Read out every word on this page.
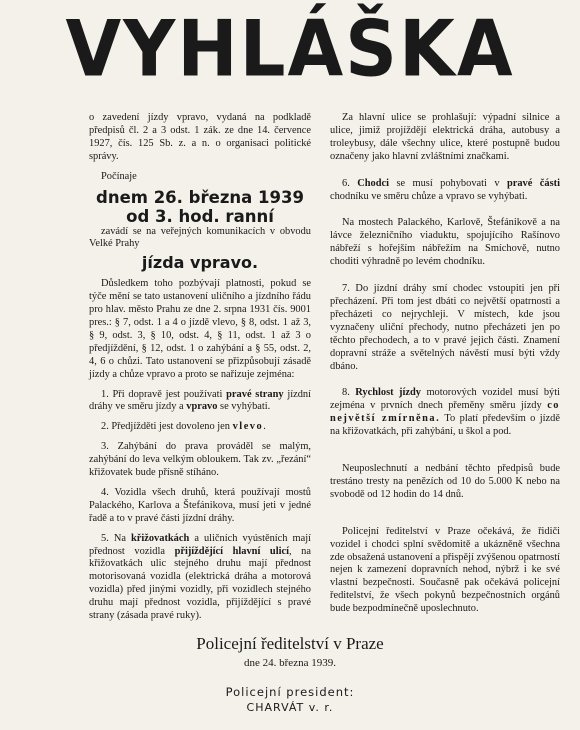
VYHLÁŠKA

o zavedení jízdy vpravo, vydaná na podkladě předpisů čl. 2 a 3 odst. 1 zák. ze dne 14. července 1927, čís. 125 Sb. z. a n. o organisaci politické správy.

Počínaje

dnem 26. března 1939

od 3. hod. ranní

zavádí se na veřejných komunikacích v obvodu Velké Prahy

jízda vpravo.

Důsledkem toho pozbývají platnosti, pokud se týče mění se tato ustanovení uličního a jízdního řádu pro hlav. město Prahu ze dne 2. srpna 1931 čís. 9001 pres.: § 7, odst. 1 a 4 o jízdě vlevo, § 8, odst. 1 až 3, § 9, odst. 3, § 10, odst. 4, § 11, odst. 1 až 3 o předjíždění, § 12, odst. 1 o zahýbání a § 55, odst. 2, 4, 6 o chůzi. Tato ustanovení se přizpůsobují zásadě jízdy a chůze vpravo a proto se nařizuje zejména:

1. Při dopravě jest používati pravé strany jízdní dráhy ve směru jízdy a vpravo se vyhýbati.

2. Předjížděti jest dovoleno jen vlevo.

3. Zahýbání do prava prováděl se malým, zahýbání do leva velkým obloukem. Tak zv. „řezání“ křižovatek bude přísně stíháno.

4. Vozidla všech druhů, která používají mostů Palackého, Karlova a Štefánikova, musí jeti v jedné řadě a to v pravé části jízdní dráhy.

5. Na křižovatkách a uličních vyústěních mají přednost vozidla přijíždějící hlavní ulicí, na křižovatkách ulic stejného druhu mají přednost motorisovaná vozidla (elektrická dráha a motorová vozidla) před jinými vozidly, při vozidlech stejného druhu mají přednost vozidla, přijíždějící s pravé strany (zásada pravé ruky).

Za hlavní ulice se prohlašují: výpadní silnice a ulice, jimiž projíždějí elektrická dráha, autobusy a troleybusy, dále všechny ulice, které postupně budou označeny jako hlavní zvláštními značkami.

6. Chodci se musí pohybovati v pravé části chodníku ve směru chůze a vpravo se vyhýbati.

Na mostech Palackého, Karlově, Štefánikově a na lávce železničního viaduktu, spojujícího Rašínovo nábřeží s hořejším nábřežím na Smíchově, nutno choditi výhradně po levém chodníku.

7. Do jízdní dráhy smí chodec vstoupiti jen při přecházení. Při tom jest dbáti co největší opatrnosti a přecházeti co nejrychleji. V místech, kde jsou vyznačeny uliční přechody, nutno přecházeti jen po těchto přechodech, a to v pravé jejich části. Znamení dopravní stráže a světelných návěstí musí býti vždy dbáno.

8. Rychlost jízdy motorových vozidel musí býti zejména v prvních dnech přeměny směru jízdy co největší zmírněna. To platí především o jízdě na křižovatkách, při zahýbání, u škol a pod.

Neuposlechnutí a nedbání těchto předpisů bude trestáno tresty na penězích od 10 do 5.000 K nebo na svobodě od 12 hodin do 14 dnů.

Policejní ředitelství v Praze očekává, že řidiči vozidel i chodci splní svědomitě a ukázněně všechna zde obsažená ustanovení a přispějí zvýšenou opatrností nejen k zamezení dopravních nehod, nýbrž i ke své vlastní bezpečnosti. Současně pak očekává policejní ředitelství, že všech pokynů bezpečnostních orgánů bude bezpodmínečně uposlechnuto.

Policejní ředitelství v Praze
dne 24. března 1939.
Policejní president:
CHARVÁT v. r.
